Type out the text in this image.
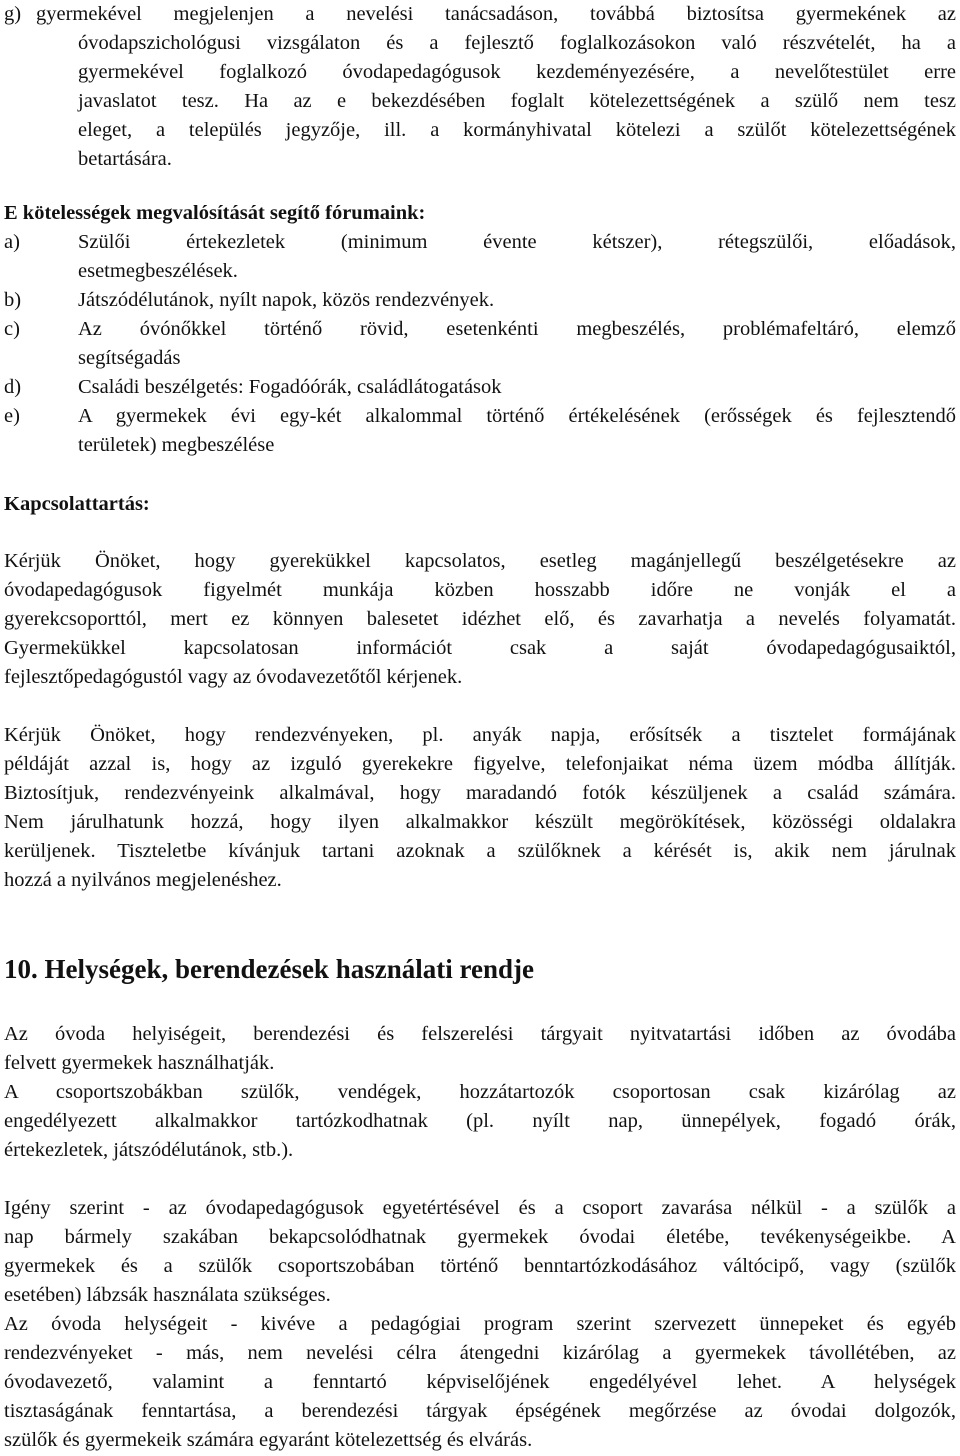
g) gyermekével megjelenjen a nevelési tanácsadáson, továbbá biztosítsa gyermekének az
óvodapszichológusi vizsgálaton és a fejlesztő foglalkozásokon való részvételét, ha a
gyermekével foglalkozó óvodapedagógusok kezdeményezésére, a nevelőtestület erre
javaslatot tesz. Ha az e bekezdésében foglalt kötelezettségének a szülő nem tesz
eleget, a település jegyzője, ill. a kormányhivatal kötelezi a szülőt kötelezettségének
betartására.
E kötelességek megvalósítását segítő fórumaink:
a)	Szülői értekezletek (minimum évente kétszer), rétegszülői, előadások,
esetmegbeszélések.
b)	Játszódélutánok, nyílt napok, közös rendezvények.
c)	Az óvónőkkel történő rövid, esetenkénti megbeszélés, problémafeltáró, elemző
segítségadás
d)	Családi beszélgetés: Fogadóórák, családlátogatások
e)	A gyermekek évi egy-két alkalommal történő értékelésének (erősségek és fejlesztendő
területek) megbeszélése
Kapcsolattartás:
Kérjük Önöket, hogy gyerekükkel kapcsolatos, esetleg magánjellegű beszélgetésekre az
óvodapedagógusok figyelmét munkája közben hosszabb időre ne vonják el a
gyerekcsoporttól, mert ez könnyen balesetet idézhet elő, és zavarhatja a nevelés folyamatát.
Gyermekükkel kapcsolatosan információt csak a saját óvodapedagógusaiktól,
fejlesztőpedagógustól vagy az óvodavezetőtől kérjenek.
Kérjük Önöket, hogy rendezvényeken, pl. anyák napja, erősítsék a tisztelet formájának
példáját azzal is, hogy az izguló gyerekekre figyelve, telefonjaikat néma üzem módba állítják.
Biztosítjuk, rendezvényeink alkalmával, hogy maradandó fotók készüljenek a család számára.
Nem járulhatunk hozzá, hogy ilyen alkalmakkor készült megörökítések, közösségi oldalakra
kerüljenek. Tiszteletbe kívánjuk tartani azoknak a szülőknek a kérését is, akik nem járulnak
hozzá a nyilvános megjelenéshez.
10. Helységek, berendezések használati rendje
Az óvoda helyiségeit, berendezési és felszerelési tárgyait nyitvatartási időben az óvodába
felvett gyermekek használhatják.
A csoportszobákban szülők, vendégek, hozzátartozók csoportosan csak kizárólag az
engedélyezett alkalmakkor tartózkodhatnak (pl. nyílt nap, ünnepélyek, fogadó órák,
értekezletek, játszódélutánok, stb.).
Igény szerint - az óvodapedagógusok egyetértésével és a csoport zavarása nélkül - a szülők a
nap bármely szakában bekapcsolódhatnak gyermekek óvodai életébe, tevékenységeikbe. A
gyermekek és a szülők csoportszobában történő benntartózkodásához váltócipő, vagy (szülők
esetében) lábzsák használata szükséges.
Az óvoda helységeit - kivéve a pedagógiai program szerint szervezett ünnepeket és egyéb
rendezvényeket - más, nem nevelési célra átengedni kizárólag a gyermekek távollétében, az
óvodavezető, valamint a fenntartó képviselőjének engedélyével lehet. A helységek
tisztaságának fenntartása, a berendezési tárgyak épségének megőrzése az óvodai dolgozók,
szülők és gyermekeik számára egyaránt kötelezettség és elvárás.
